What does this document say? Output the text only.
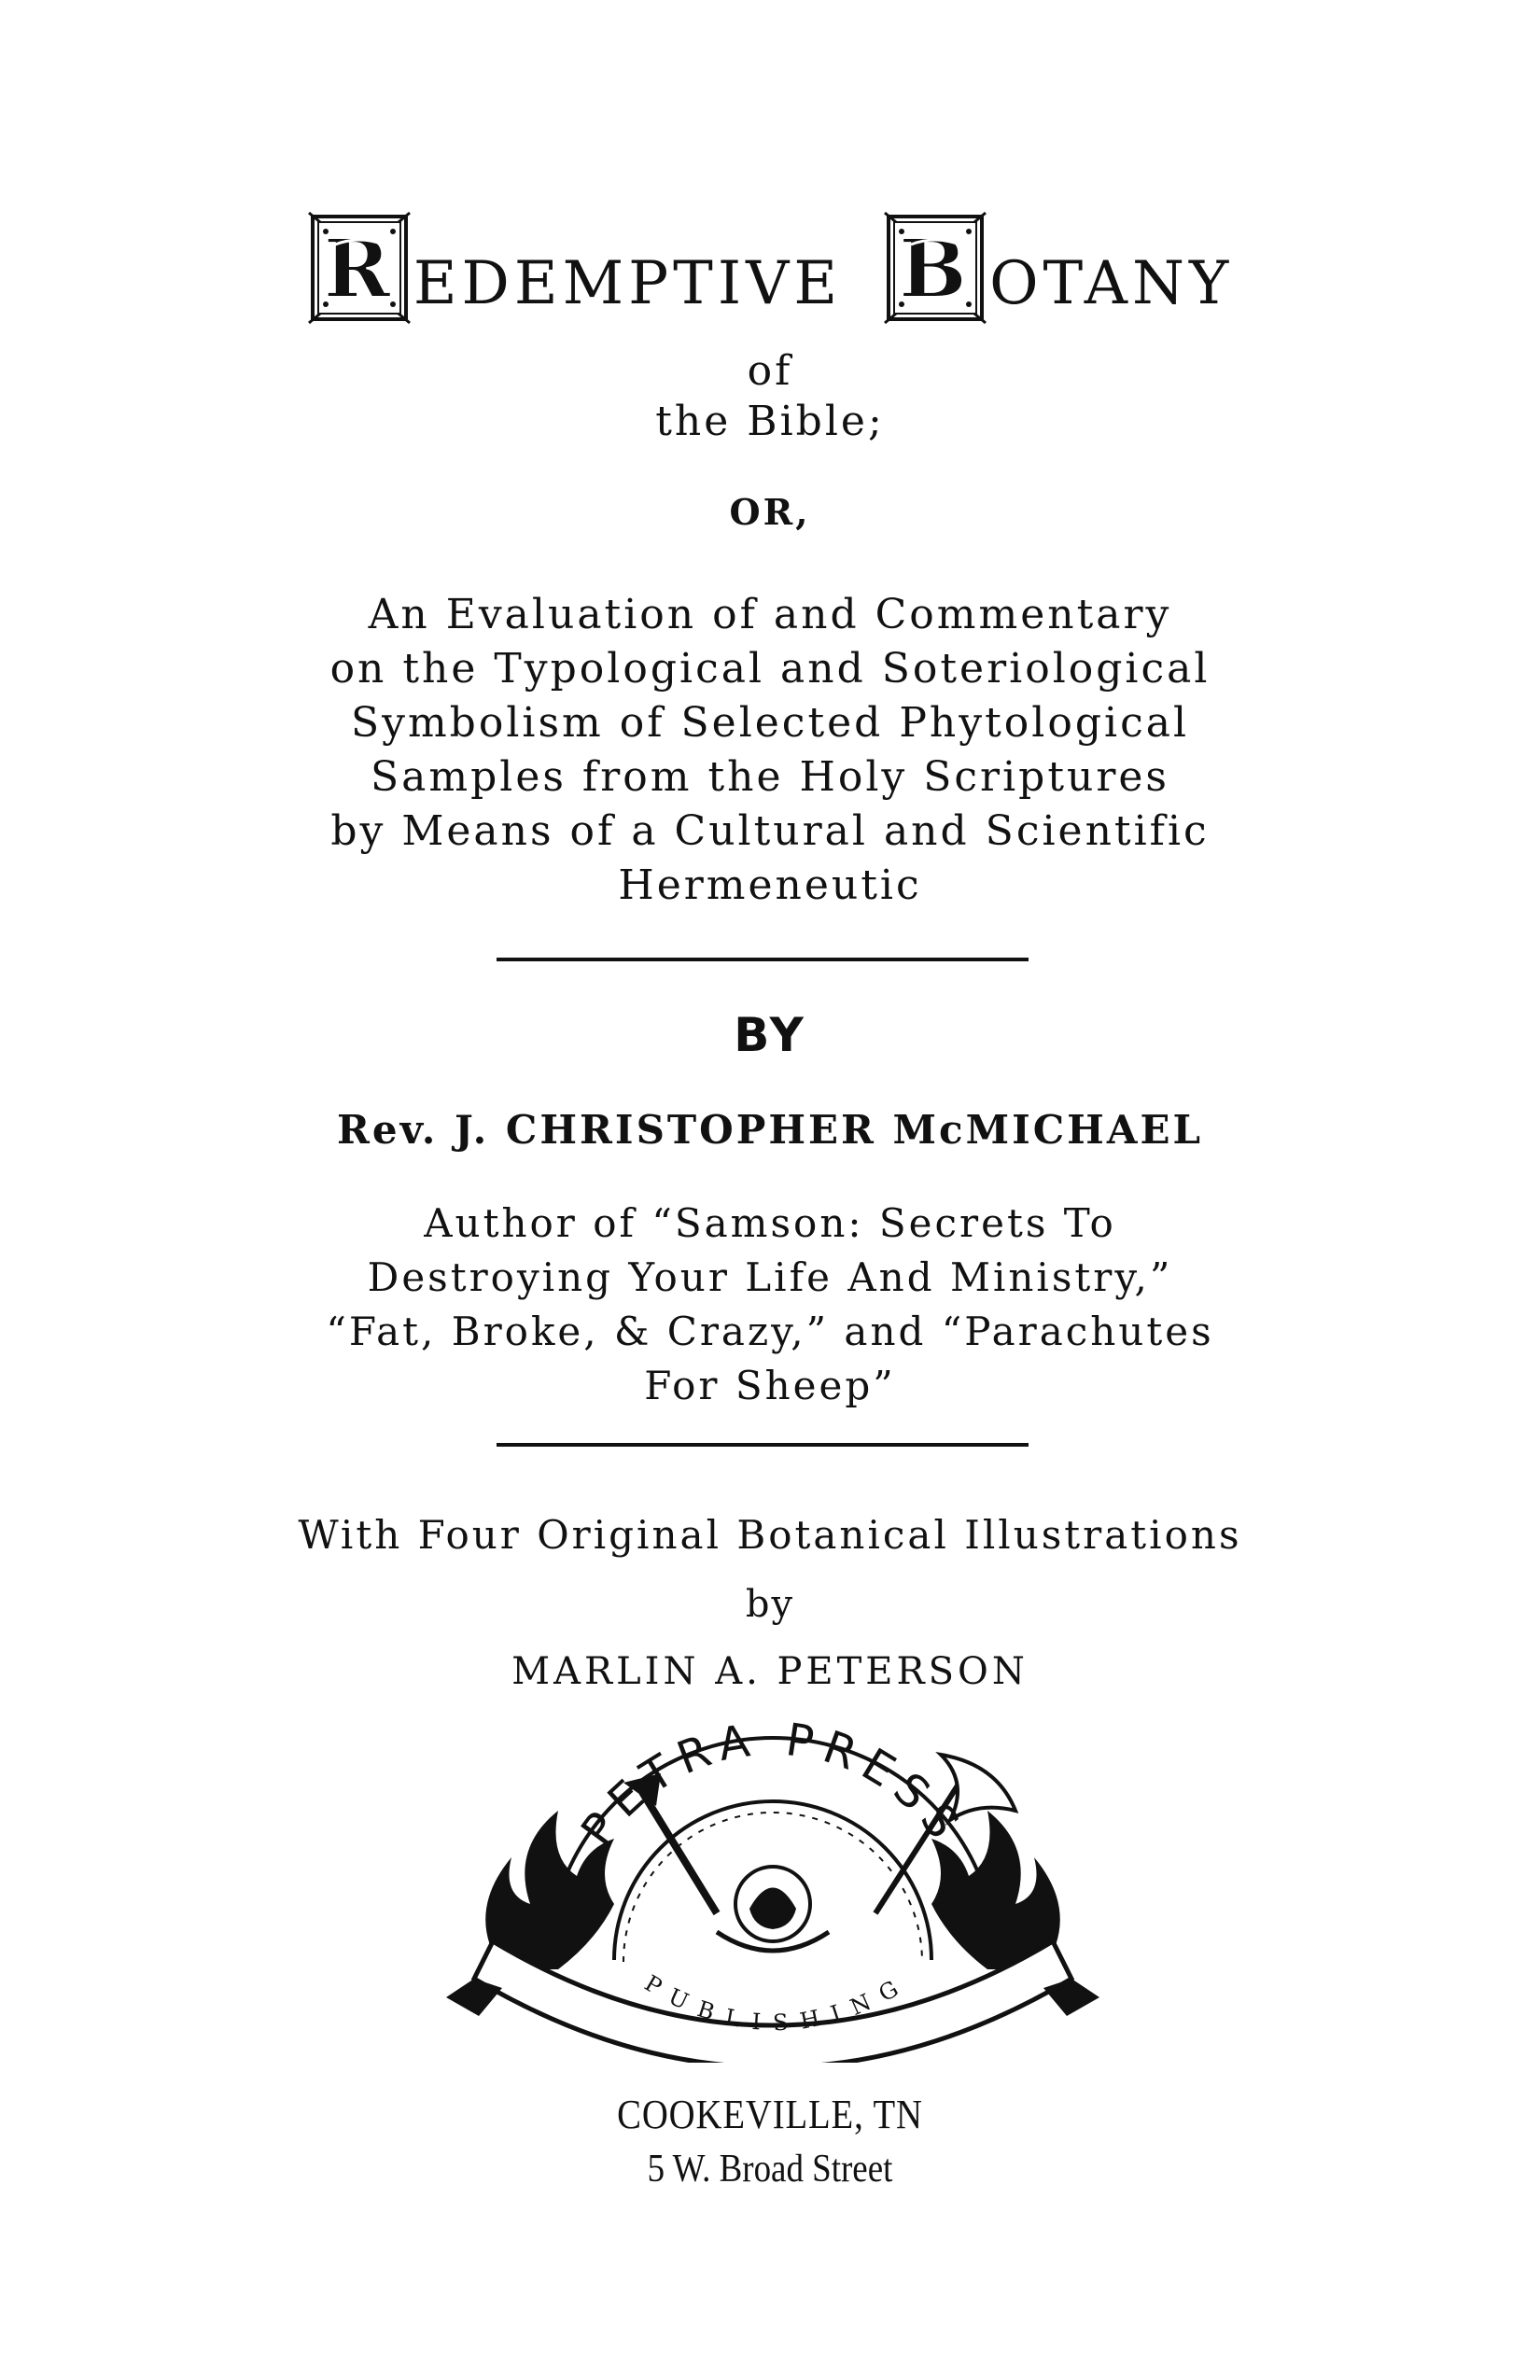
R EDEMPTIVE B OTANY
of
the Bible;
OR,
An Evaluation of and Commentary
on the Typological and Soteriological
Symbolism of Selected Phytological
Samples from the Holy Scriptures
by Means of a Cultural and Scientific
Hermeneutic
BY
Rev. J. CHRISTOPHER McMICHAEL
Author of “Samson: Secrets To
Destroying Your Life And Ministry,”
“Fat, Broke, & Crazy,” and “Parachutes
For Sheep”
With Four Original Botanical Illustrations
by
MARLIN A. PETERSON
PETRA PRESS
PUBLISHING
COOKEVILLE, TN
5 W. Broad Street
